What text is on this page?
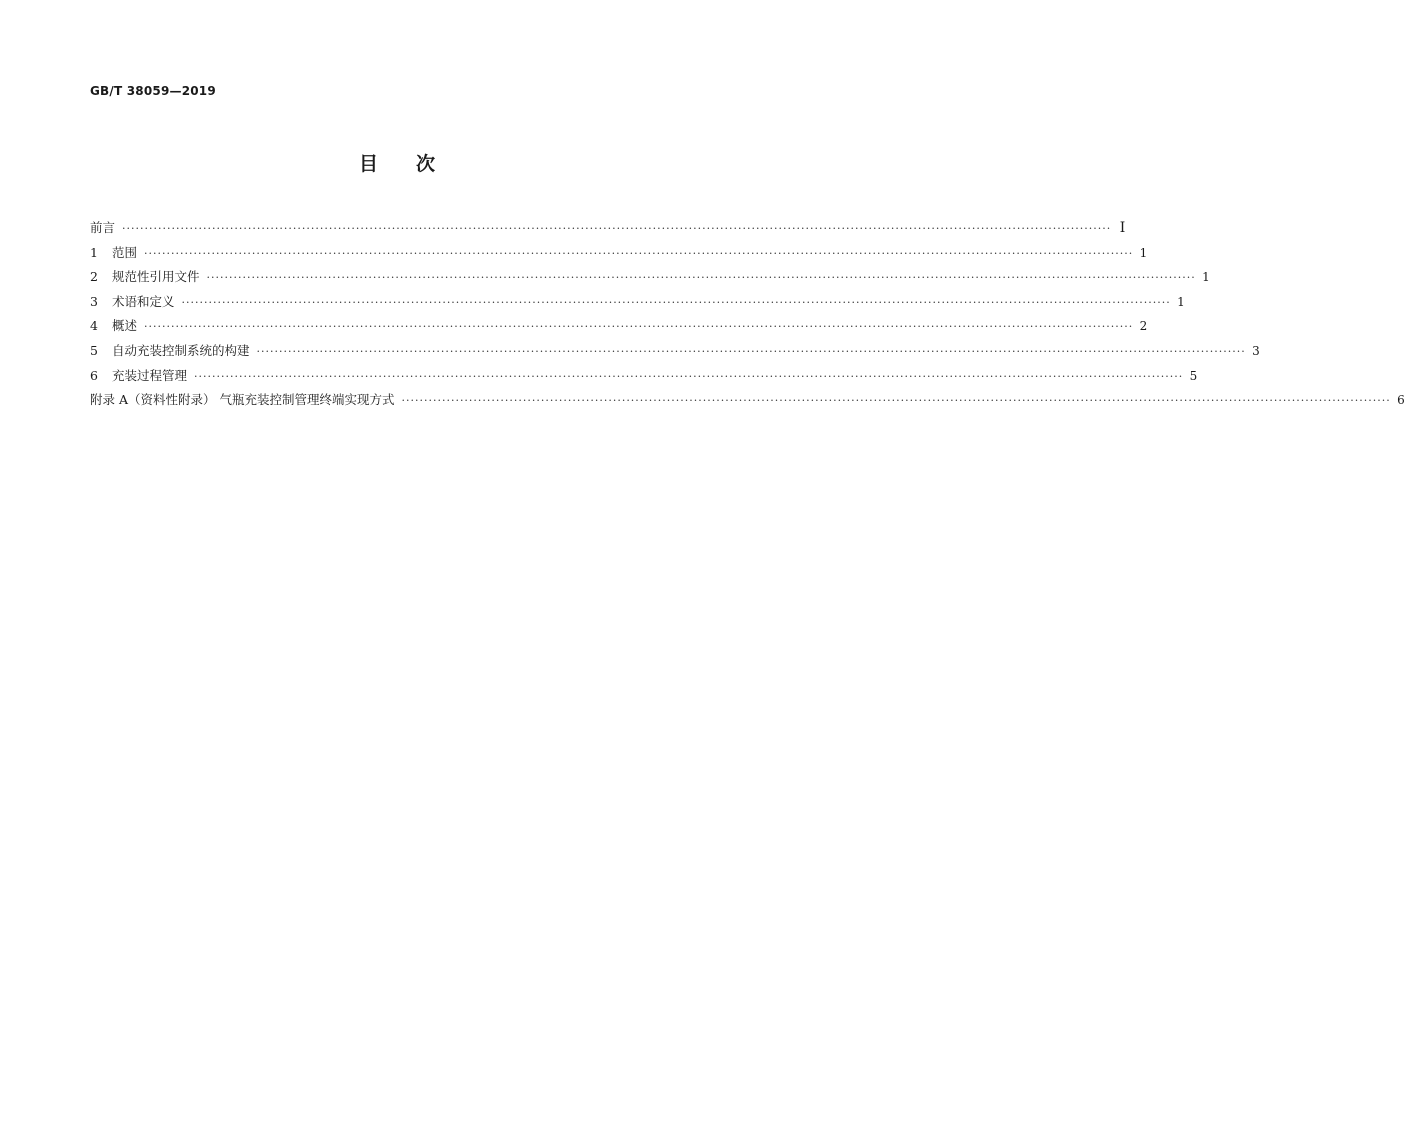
GB/T 38059—2019
目 次
前言 ···························································································································································································································· I
1	范围 ···························································································································································································································· 1
2	规范性引用文件 ···························································································································································································································· 1
3	术语和定义 ···························································································································································································································· 1
4	概述 ···························································································································································································································· 2
5	自动充装控制系统的构建 ···························································································································································································································· 3
6	充装过程管理 ···························································································································································································································· 5
附录 A（资料性附录） 气瓶充装控制管理终端实现方式 ···························································································································································································································· 6
